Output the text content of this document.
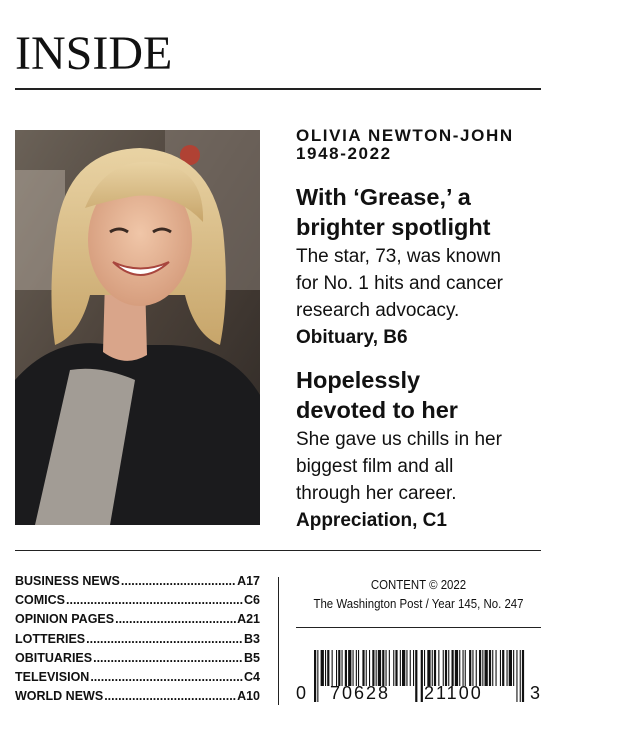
INSIDE
OLIVIA NEWTON-JOHN
1948-2022
With ‘Grease,’ a
brighter spotlight
The star, 73, was known
for No. 1 hits and cancer
research advocacy.
Obituary, B6
Hopelessly
devoted to her
She gave us chills in her
biggest film and all
through her career.
Appreciation, C1
BUSINESS NEWS .....	A17
COMICS .....	C6
OPINION PAGES .....	A21
LOTTERIES .....	B3
OBITUARIES .....	B5
TELEVISION .....	C4
WORLD NEWS .....	A10
CONTENT © 2022
The Washington Post / Year 145, No. 247
0 70628 21100	3
